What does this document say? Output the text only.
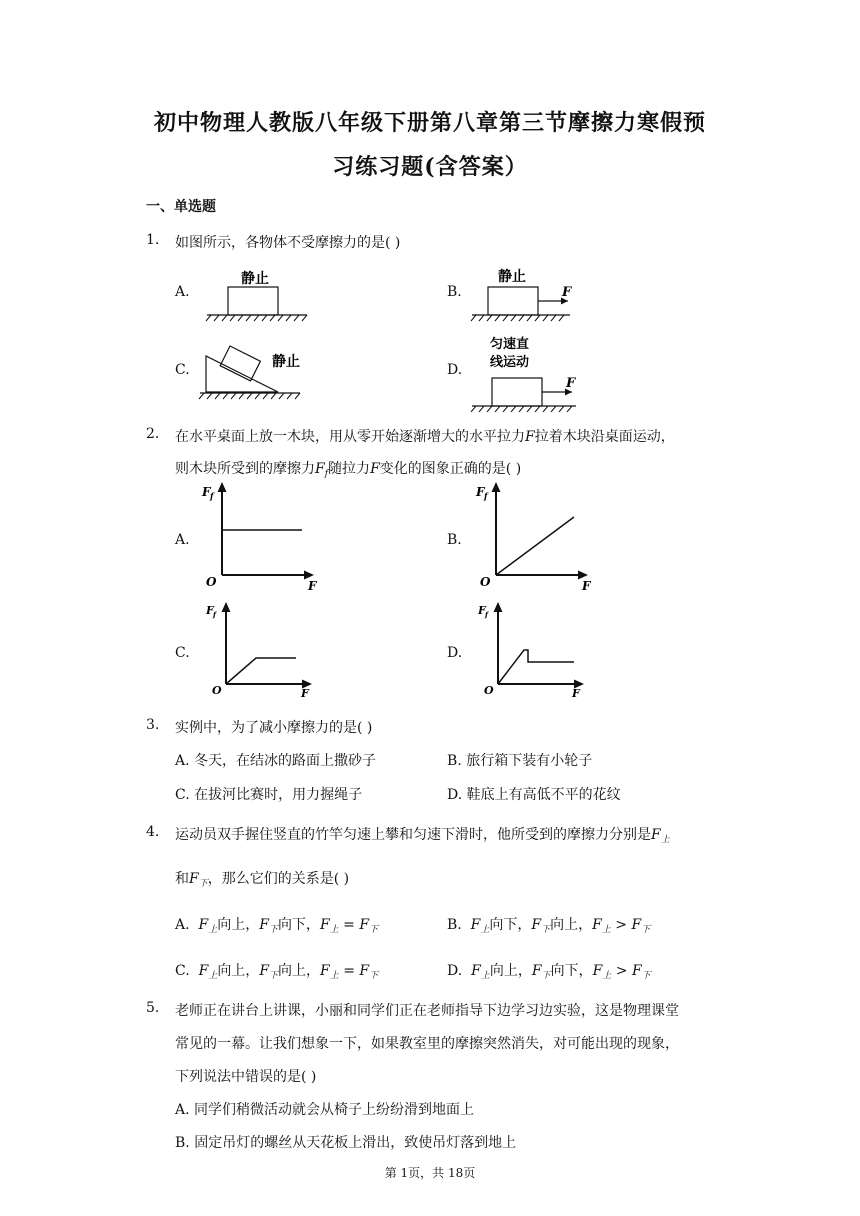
初中物理人教版八年级下册第八章第三节摩擦力寒假预
习练习题(含答案）
一、单选题
1. 如图所示，各物体不受摩擦力的是( )
A.
静止
B.
静止
F
C.	静止	D.
匀速直
线运动
F
2. 在水平桌面上放一木块，用从零开始逐渐增大的水平拉力F拉着木块沿桌面运动，
则木块所受到的摩擦力$F_f$随拉力F变化的图象正确的是( )
A.
F f
F
O
B.
F f
F
O
C.
F f
F
O
D.
F f
F
O
3. 实例中，为了减小摩擦力的是( )
A. 冬天，在结冰的路面上撒砂子	B. 旅行箱下装有小轮子
C. 在拔河比赛时，用力握绳子	D. 鞋底上有高低不平的花纹
4. 运动员双手握住竖直的竹竿匀速上攀和匀速下滑时，他所受到的摩擦力分别是$F_上$
和$F_下$，那么它们的关系是( )
A. $F_上$向上，$F_下$向下，$F_上 = F_下$	B. $F_上$向下，$F_下$向上，$F_上 > F_下$
C. $F_上$向上，$F_下$向上，$F_上 = F_下$	D. $F_上$向上，$F_下$向下，$F_上 > F_下$
5. 老师正在讲台上讲课，小丽和同学们正在老师指导下边学习边实验，这是物理课堂
常见的一幕。让我们想象一下，如果教室里的摩擦突然消失，对可能出现的现象，
下列说法中错误的是( )
A. 同学们稍微活动就会从椅子上纷纷滑到地面上
B. 固定吊灯的螺丝从天花板上滑出，致使吊灯落到地上
第 1页，共 18页
